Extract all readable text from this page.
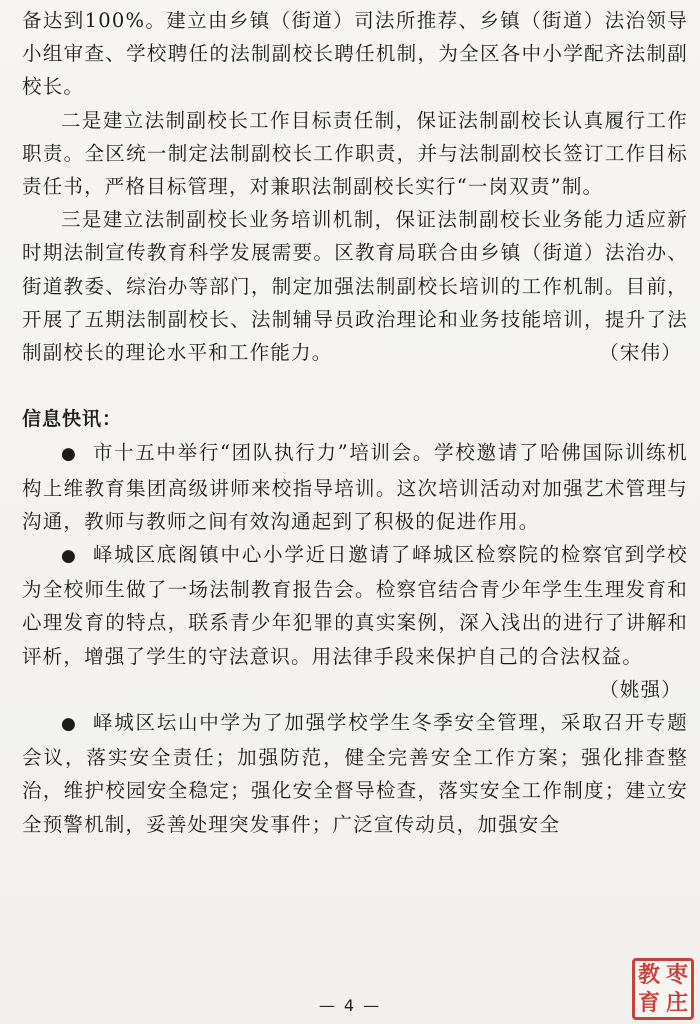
备达到100%。建立由乡镇（街道）司法所推荐、乡镇（街道）法治领导小组审查、学校聘任的法制副校长聘任机制，为全区各中小学配齐法制副校长。

二是建立法制副校长工作目标责任制，保证法制副校长认真履行工作职责。全区统一制定法制副校长工作职责，并与法制副校长签订工作目标责任书，严格目标管理，对兼职法制副校长实行“一岗双责”制。

三是建立法制副校长业务培训机制，保证法制副校长业务能力适应新时期法制宣传教育科学发展需要。区教育局联合由乡镇（街道）法治办、街道教委、综治办等部门，制定加强法制副校长培训的工作机制。目前，开展了五期法制副校长、法制辅导员政治理论和业务技能培训，提升了法制副校长的理论水平和工作能力。	（宋伟）

信息快讯：

● 市十五中举行“团队执行力”培训会。学校邀请了哈佛国际训练机构上维教育集团高级讲师来校指导培训。这次培训活动对加强艺术管理与沟通，教师与教师之间有效沟通起到了积极的促进作用。

● 峄城区底阁镇中心小学近日邀请了峄城区检察院的检察官到学校为全校师生做了一场法制教育报告会。检察官结合青少年学生生理发育和心理发育的特点，联系青少年犯罪的真实案例，深入浅出的进行了讲解和评析，增强了学生的守法意识。用法律手段来保护自己的合法权益。

（姚强）

● 峄城区坛山中学为了加强学校学生冬季安全管理，采取召开专题会议，落实安全责任；加强防范，健全完善安全工作方案；强化排查整治，维护校园安全稳定；强化安全督导检查，落实安全工作制度；建立安全预警机制，妥善处理突发事件；广泛宣传动员，加强安全

— 4 —
教 枣
育 庄
